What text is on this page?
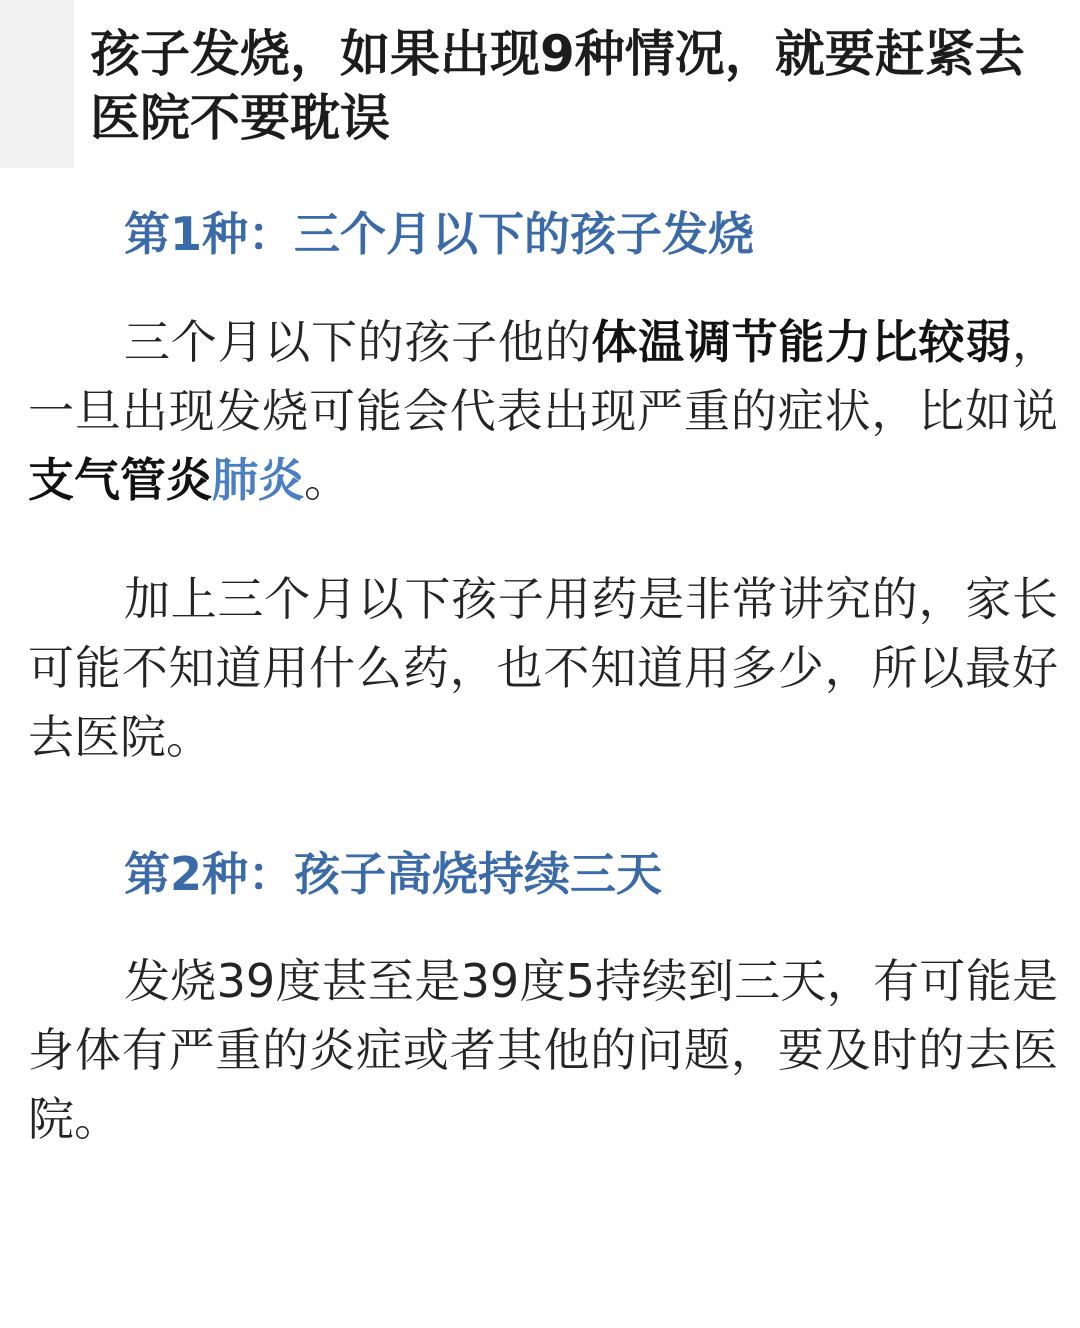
孩子发烧，如果出现9种情况，就要赶紧去医院不要耽误
第1种：三个月以下的孩子发烧

三个月以下的孩子他的体温调节能力比较弱，一旦出现发烧可能会代表出现严重的症状，比如说支气管炎肺炎。

加上三个月以下孩子用药是非常讲究的，家长可能不知道用什么药，也不知道用多少，所以最好去医院。

第2种：孩子高烧持续三天

发烧39度甚至是39度5持续到三天，有可能是身体有严重的炎症或者其他的问题，要及时的去医院。
